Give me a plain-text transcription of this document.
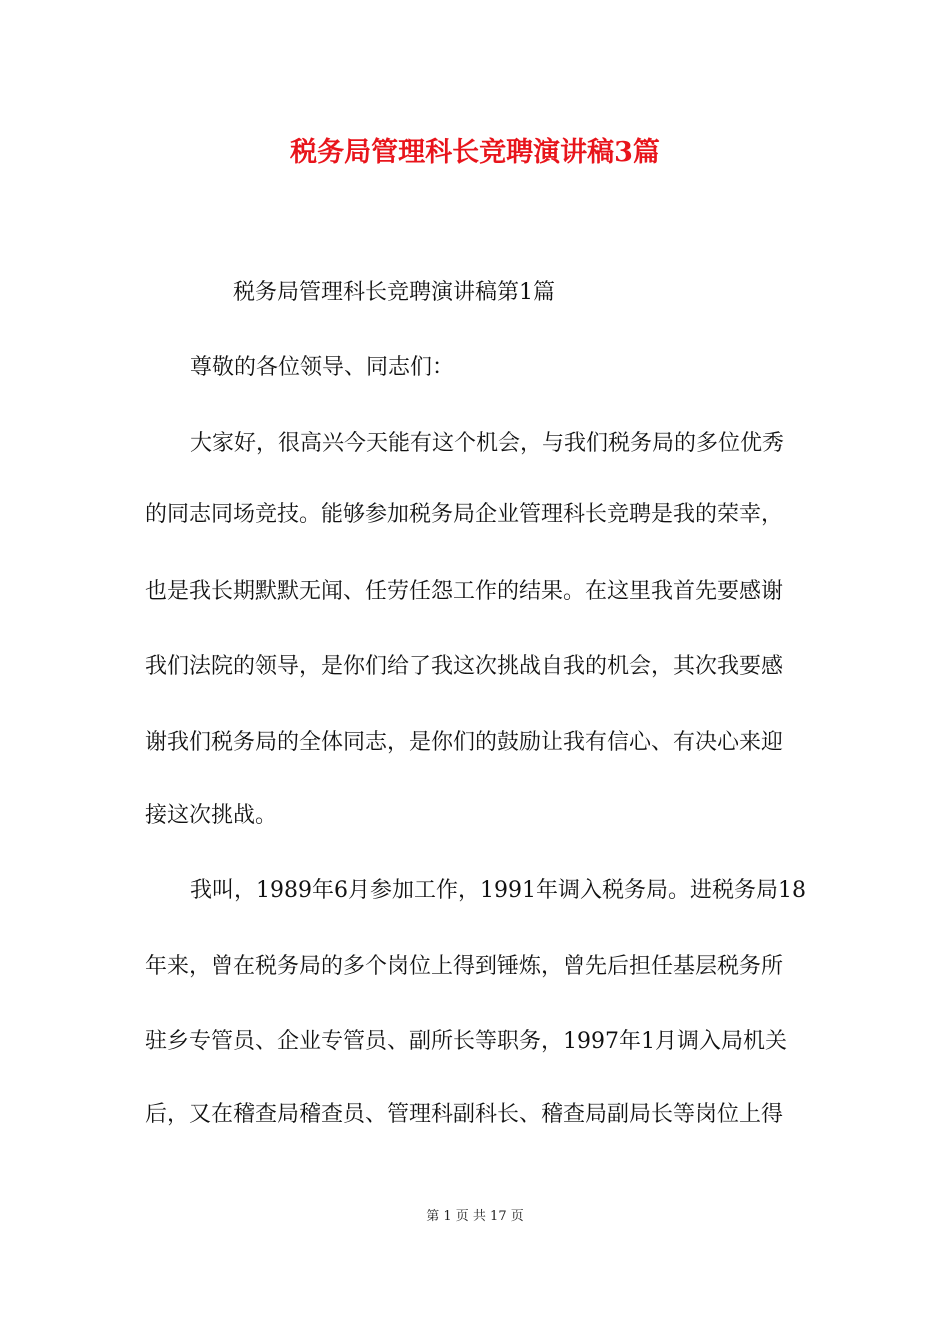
税务局管理科长竞聘演讲稿3篇
税务局管理科长竞聘演讲稿第1篇
尊敬的各位领导、同志们：
大家好，很高兴今天能有这个机会，与我们税务局的多位优秀
的同志同场竞技。能够参加税务局企业管理科长竞聘是我的荣幸，
也是我长期默默无闻、任劳任怨工作的结果。在这里我首先要感谢
我们法院的领导，是你们给了我这次挑战自我的机会，其次我要感
谢我们税务局的全体同志，是你们的鼓励让我有信心、有决心来迎
接这次挑战。
我叫，1989年6月参加工作，1991年调入税务局。进税务局18
年来，曾在税务局的多个岗位上得到锤炼，曾先后担任基层税务所
驻乡专管员、企业专管员、副所长等职务，1997年1月调入局机关
后，又在稽查局稽查员、管理科副科长、稽查局副局长等岗位上得
第 1 页 共 17 页
